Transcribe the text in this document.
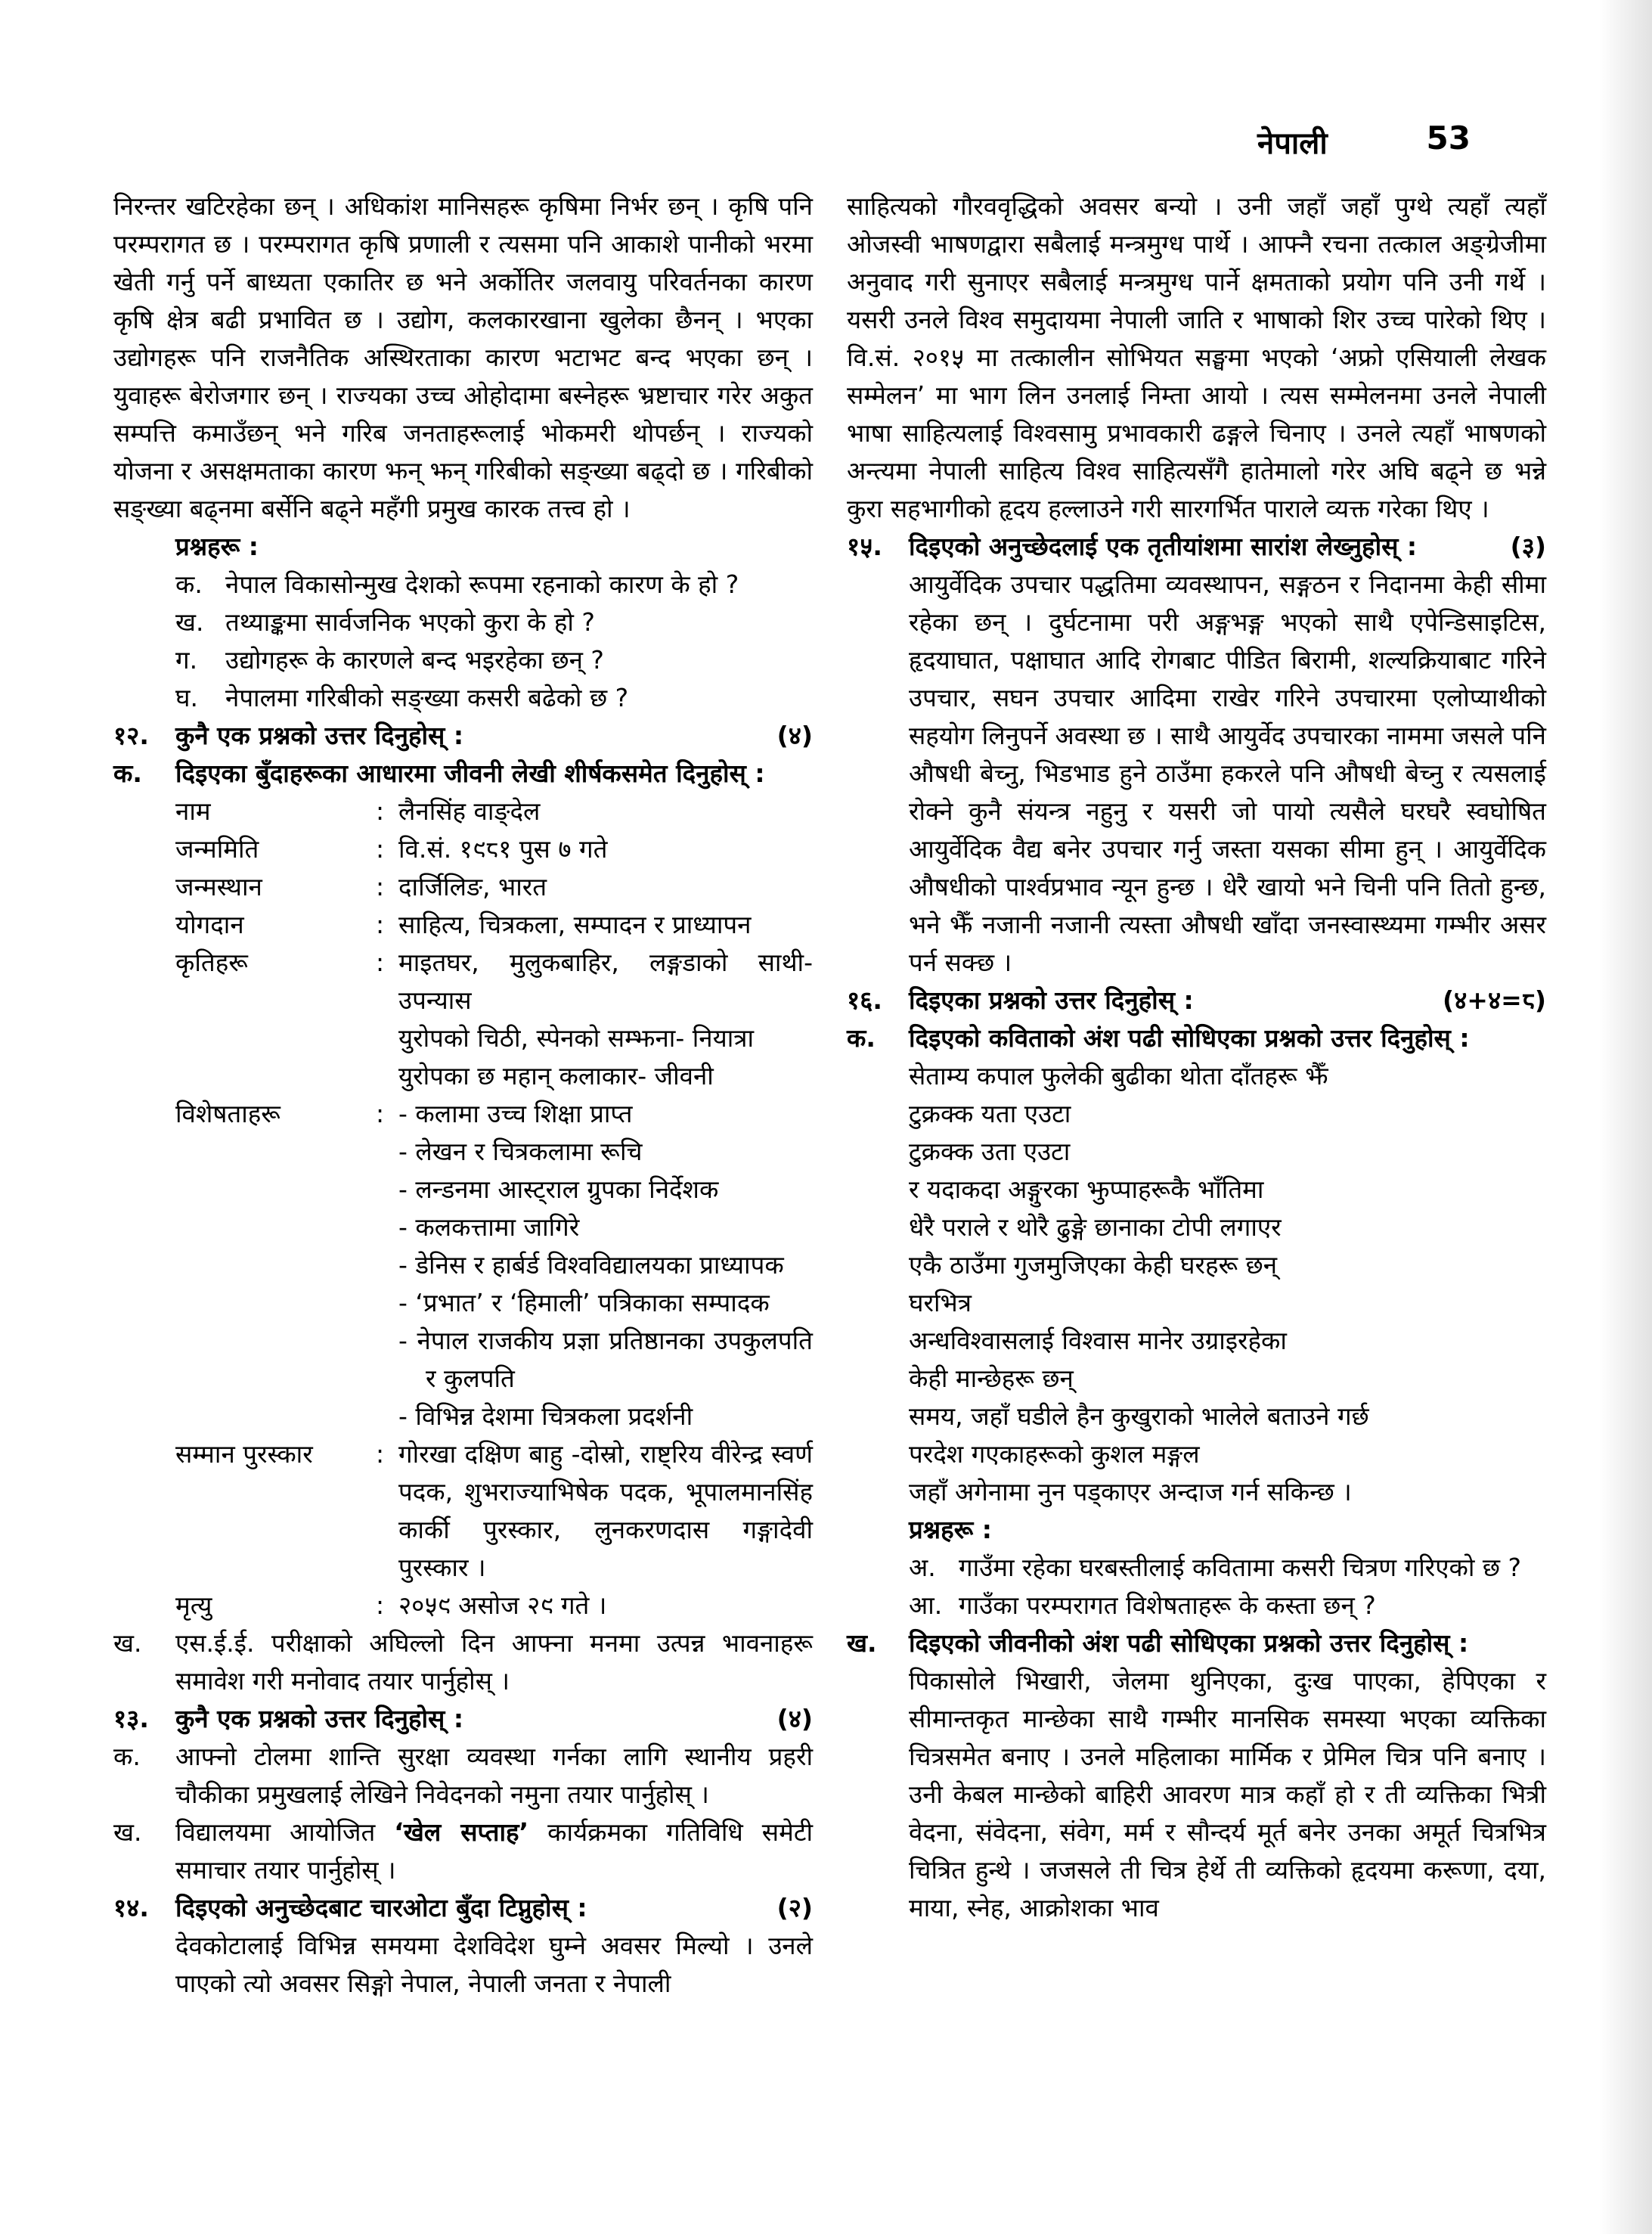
नेपाली	53

निरन्तर खटिरहेका छन् । अधिकांश मानिसहरू कृषिमा निर्भर छन् । कृषि पनि परम्परागत छ । परम्परागत कृषि प्रणाली र त्यसमा पनि आकाशे पानीको भरमा खेती गर्नु पर्ने बाध्यता एकातिर छ भने अर्कोतिर जलवायु परिवर्तनका कारण कृषि क्षेत्र बढी प्रभावित छ । उद्योग, कलकारखाना खुलेका छैनन् । भएका उद्योगहरू पनि राजनैतिक अस्थिरताका कारण भटाभट बन्द भएका छन् । युवाहरू बेरोजगार छन् । राज्यका उच्च ओहोदामा बस्नेहरू भ्रष्टाचार गरेर अकुत सम्पत्ति कमाउँछन् भने गरिब जनताहरूलाई भोकमरी थोपर्छन् । राज्यको योजना र असक्षमताका कारण झन् झन् गरिबीको सङ्ख्या बढ्दो छ । गरिबीको सङ्ख्या बढ्नमा बर्सेनि बढ्ने महँगी प्रमुख कारक तत्त्व हो ।

प्रश्नहरू :
क. नेपाल विकासोन्मुख देशको रूपमा रहनाको कारण के हो ?
ख. तथ्याङ्कमा सार्वजनिक भएको कुरा के हो ?
ग.	उद्योगहरू के कारणले बन्द भइरहेका छन् ?
घ.	नेपालमा गरिबीको सङ्ख्या कसरी बढेको छ ?
१२.	कुनै एक प्रश्नको उत्तर दिनुहोस् :	(४)
क.	दिइएका बुँदाहरूका आधारमा जीवनी लेखी शीर्षकसमेत दिनुहोस् :
नाम	: लैनसिंह वाङ्देल
जन्ममिति	: वि.सं. १९८१ पुस ७ गते
जन्मस्थान	: दार्जिलिङ, भारत
योगदान	: साहित्य, चित्रकला, सम्पादन र प्राध्यापन
कृतिहरू	: माइतघर, मुलुकबाहिर, लङ्गडाको साथी- उपन्यास
युरोपको चिठी, स्पेनको सम्झना- नियात्रा
युरोपका छ महान् कलाकार- जीवनी
विशेषताहरू	: - कलामा उच्च शिक्षा प्राप्त
- लेखन र चित्रकलामा रूचि
- लन्डनमा आस्ट्राल ग्रुपका निर्देशक
- कलकत्तामा जागिरे
- डेनिस र हार्बर्ड विश्वविद्यालयका प्राध्यापक
- ‘प्रभात’ र ‘हिमाली’ पत्रिकाका सम्पादक
- नेपाल राजकीय प्रज्ञा प्रतिष्ठानका उपकुलपति र कुलपति
- विभिन्न देशमा चित्रकला प्रदर्शनी
सम्मान पुरस्कार	: गोरखा दक्षिण बाहु -दोस्रो, राष्ट्रिय वीरेन्द्र स्वर्ण पदक, शुभराज्याभिषेक पदक, भूपालमानसिंह कार्की पुरस्कार, लुनकरणदास गङ्गादेवी पुरस्कार ।
मृत्यु	: २०५९ असोज २९ गते ।
ख.	एस.ई.ई. परीक्षाको अघिल्लो दिन आफ्ना मनमा उत्पन्न भावनाहरू समावेश गरी मनोवाद तयार पार्नुहोस् ।
१३.	कुनै एक प्रश्नको उत्तर दिनुहोस् :	(४)
क.	आफ्नो टोलमा शान्ति सुरक्षा व्यवस्था गर्नका लागि स्थानीय प्रहरी चौकीका प्रमुखलाई लेखिने निवेदनको नमुना तयार पार्नुहोस् ।
ख.	विद्यालयमा आयोजित ‘खेल सप्ताह’ कार्यक्रमका गतिविधि समेटी समाचार तयार पार्नुहोस् ।
१४.	दिइएको अनुच्छेदबाट चारओटा बुँदा टिप्नुहोस् :	(२)

देवकोटालाई विभिन्न समयमा देशविदेश घुम्ने अवसर मिल्यो । उनले पाएको त्यो अवसर सिङ्गो नेपाल, नेपाली जनता र नेपाली

साहित्यको गौरववृद्धिको अवसर बन्यो । उनी जहाँ जहाँ पुग्थे त्यहाँ त्यहाँ ओजस्वी भाषणद्वारा सबैलाई मन्त्रमुग्ध पार्थे । आफ्नै रचना तत्काल अङ्ग्रेजीमा अनुवाद गरी सुनाएर सबैलाई मन्त्रमुग्ध पार्ने क्षमताको प्रयोग पनि उनी गर्थे । यसरी उनले विश्व समुदायमा नेपाली जाति र भाषाको शिर उच्च पारेको थिए । वि.सं. २०१५ मा तत्कालीन सोभियत सङ्घमा भएको ‘अफ्रो एसियाली लेखक सम्मेलन’ मा भाग लिन उनलाई निम्ता आयो । त्यस सम्मेलनमा उनले नेपाली भाषा साहित्यलाई विश्वसामु प्रभावकारी ढङ्गले चिनाए । उनले त्यहाँ भाषणको अन्त्यमा नेपाली साहित्य विश्व साहित्यसँगै हातेमालो गरेर अघि बढ्ने छ भन्ने कुरा सहभागीको हृदय हल्लाउने गरी सारगर्भित पाराले व्यक्त गरेका थिए ।

१५.	दिइएको अनुच्छेदलाई एक तृतीयांशमा सारांश लेख्नुहोस् :	(३)

आयुर्वेदिक उपचार पद्धतिमा व्यवस्थापन, सङ्गठन र निदानमा केही सीमा रहेका छन् । दुर्घटनामा परी अङ्गभङ्ग भएको साथै एपेन्डिसाइटिस, हृदयाघात, पक्षाघात आदि रोगबाट पीडित बिरामी, शल्यक्रियाबाट गरिने उपचार, सघन उपचार आदिमा राखेर गरिने उपचारमा एलोप्याथीको सहयोग लिनुपर्ने अवस्था छ । साथै आयुर्वेद उपचारका नाममा जसले पनि औषधी बेच्नु, भिडभाड हुने ठाउँमा हकरले पनि औषधी बेच्नु र त्यसलाई रोक्ने कुनै संयन्त्र नहुनु र यसरी जो पायो त्यसैले घरघरै स्वघोषित आयुर्वेदिक वैद्य बनेर उपचार गर्नु जस्ता यसका सीमा हुन् । आयुर्वेदिक औषधीको पार्श्वप्रभाव न्यून हुन्छ । धेरै खायो भने चिनी पनि तितो हुन्छ, भने झैँ नजानी नजानी त्यस्ता औषधी खाँदा जनस्वास्थ्यमा गम्भीर असर पर्न सक्छ ।

१६.	दिइएका प्रश्नको उत्तर दिनुहोस् :	(४+४=८)
क.	दिइएको कविताको अंश पढी सोधिएका प्रश्नको उत्तर दिनुहोस् :
सेताम्य कपाल फुलेकी बुढीका थोता दाँतहरू झैँ
टुक्रक्क यता एउटा
टुक्रक्क उता एउटा
र यदाकदा अङ्गुरका झुप्पाहरूकै भाँतिमा
धेरै पराले र थोरै ढुङ्गे छानाका टोपी लगाएर
एकै ठाउँमा गुजमुजिएका केही घरहरू छन्
घरभित्र
अन्धविश्वासलाई विश्वास मानेर उग्राइरहेका
केही मान्छेहरू छन्
समय, जहाँ घडीले हैन कुखुराको भालेले बताउने गर्छ
परदेश गएकाहरूको कुशल मङ्गल
जहाँ अगेनामा नुन पड्काएर अन्दाज गर्न सकिन्छ ।
प्रश्नहरू :
अ. गाउँमा रहेका घरबस्तीलाई कवितामा कसरी चित्रण गरिएको छ ?
आ. गाउँका परम्परागत विशेषताहरू के कस्ता छन् ?
ख.	दिइएको जीवनीको अंश पढी सोधिएका प्रश्नको उत्तर दिनुहोस् :

पिकासोले भिखारी, जेलमा थुनिएका, दुःख पाएका, हेपिएका र सीमान्तकृत मान्छेका साथै गम्भीर मानसिक समस्या भएका व्यक्तिका चित्रसमेत बनाए । उनले महिलाका मार्मिक र प्रेमिल चित्र पनि बनाए । उनी केबल मान्छेको बाहिरी आवरण मात्र कहाँ हो र ती व्यक्तिका भित्री वेदना, संवेदना, संवेग, मर्म र सौन्दर्य मूर्त बनेर उनका अमूर्त चित्रभित्र चित्रित हुन्थे । जजसले ती चित्र हेर्थे ती व्यक्तिको हृदयमा करूणा, दया, माया, स्नेह, आक्रोशका भाव
